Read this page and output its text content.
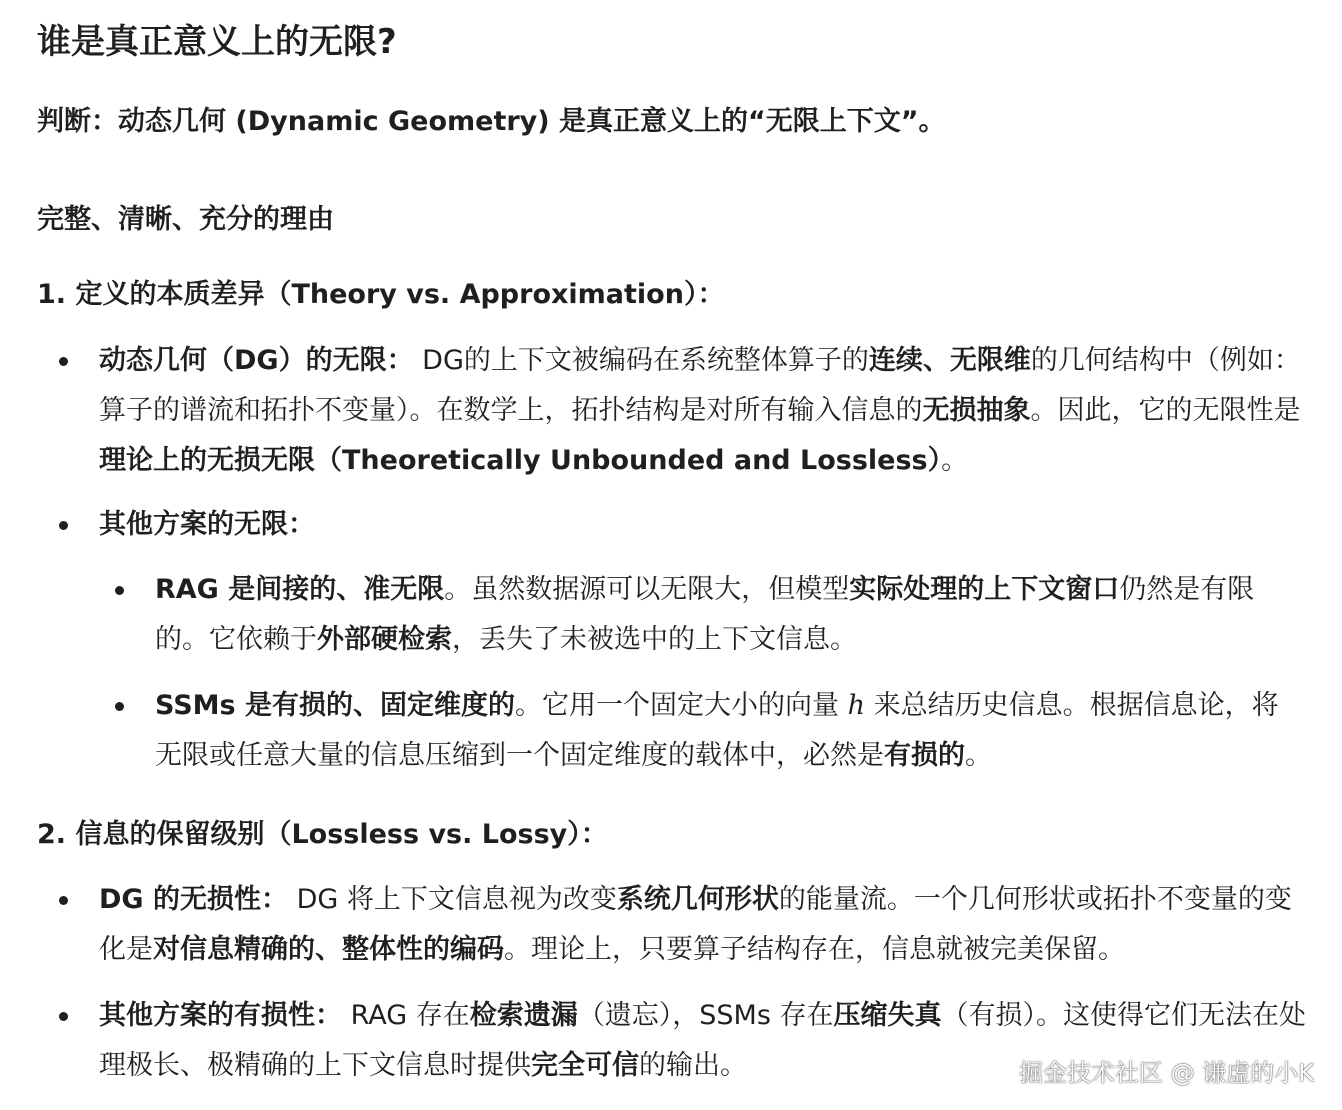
谁是真正意义上的无限?

判断：动态几何 (Dynamic Geometry) 是真正意义上的“无限上下文”。

完整、清晰、充分的理由

1. 定义的本质差异（Theory vs. Approximation）：

动态几何（DG）的无限： DG的上下文被编码在系统整体算子的连续、无限维的几何结构中（例如：算子的谱流和拓扑不变量）。在数学上，拓扑结构是对所有输入信息的无损抽象。因此，它的无限性是理论上的无损无限（Theoretically Unbounded and Lossless）。
其他方案的无限：
RAG 是间接的、准无限。虽然数据源可以无限大，但模型实际处理的上下文窗口仍然是有限的。它依赖于外部硬检索，丢失了未被选中的上下文信息。
SSMs 是有损的、固定维度的。它用一个固定大小的向量 h 来总结历史信息。根据信息论，将无限或任意大量的信息压缩到一个固定维度的载体中，必然是有损的。

2. 信息的保留级别（Lossless vs. Lossy）：

DG 的无损性： DG 将上下文信息视为改变系统几何形状的能量流。一个几何形状或拓扑不变量的变化是对信息精确的、整体性的编码。理论上，只要算子结构存在，信息就被完美保留。
其他方案的有损性： RAG 存在检索遗漏（遗忘），SSMs 存在压缩失真（有损）。这使得它们无法在处理极长、极精确的上下文信息时提供完全可信的输出。	掘金技术社区 @ 谦虚的小K
